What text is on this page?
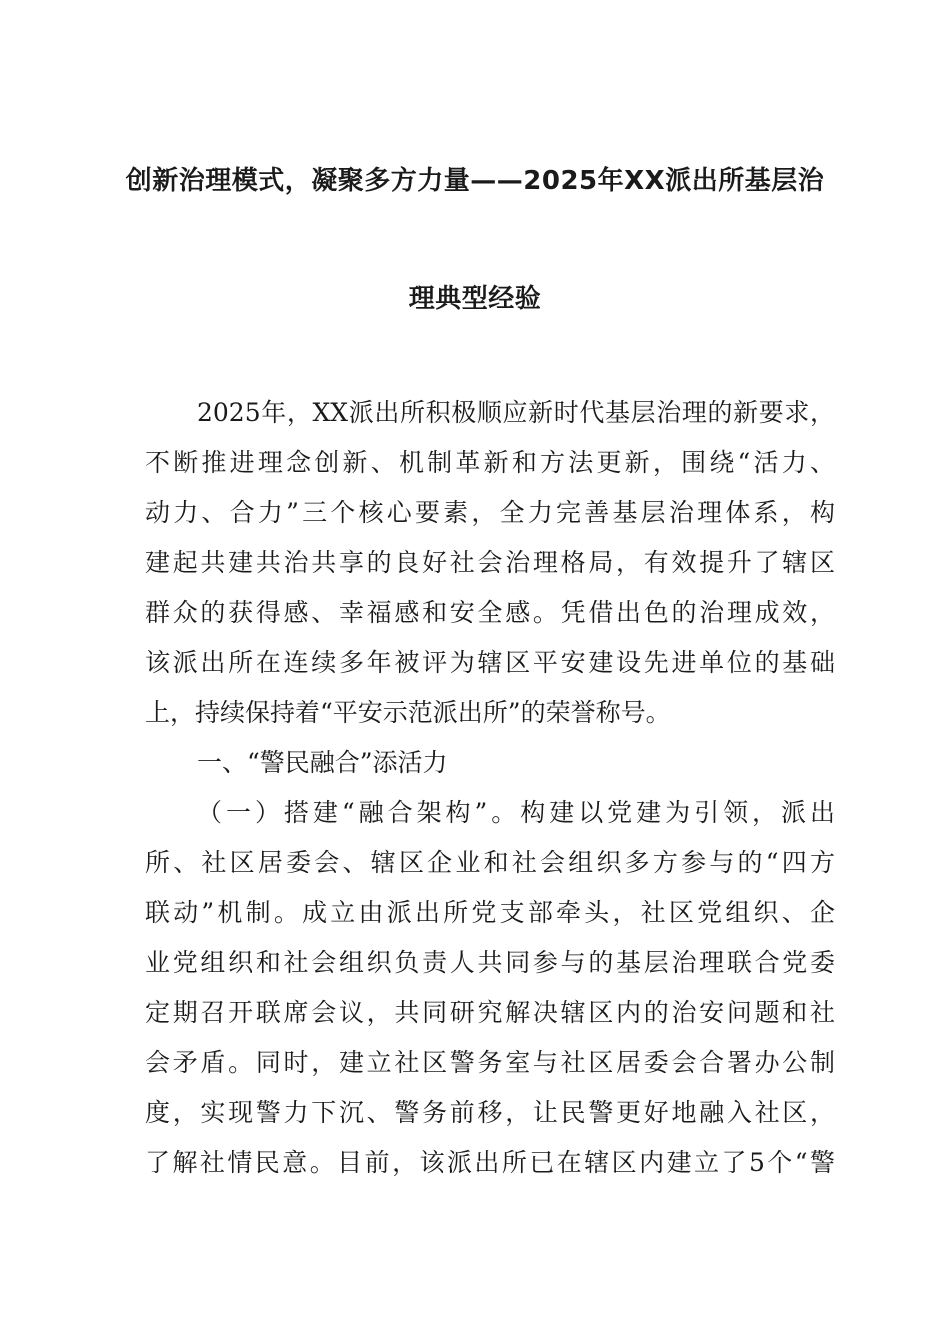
创新治理模式，凝聚多方力量——2025年XX派出所基层治
理典型经验
2025年，XX派出所积极顺应新时代基层治理的新要求，
不断推进理念创新、机制革新和方法更新，围绕“活力、
动力、合力”三个核心要素，全力完善基层治理体系，构
建起共建共治共享的良好社会治理格局，有效提升了辖区
群众的获得感、幸福感和安全感。凭借出色的治理成效，
该派出所在连续多年被评为辖区平安建设先进单位的基础
上，持续保持着“平安示范派出所”的荣誉称号。
一、“警民融合”添活力
（一）搭建“融合架构”。构建以党建为引领，派出
所、社区居委会、辖区企业和社会组织多方参与的“四方
联动”机制。成立由派出所党支部牵头，社区党组织、企
业党组织和社会组织负责人共同参与的基层治理联合党委
定期召开联席会议，共同研究解决辖区内的治安问题和社
会矛盾。同时，建立社区警务室与社区居委会合署办公制
度，实现警力下沉、警务前移，让民警更好地融入社区，
了解社情民意。目前，该派出所已在辖区内建立了5个“警
